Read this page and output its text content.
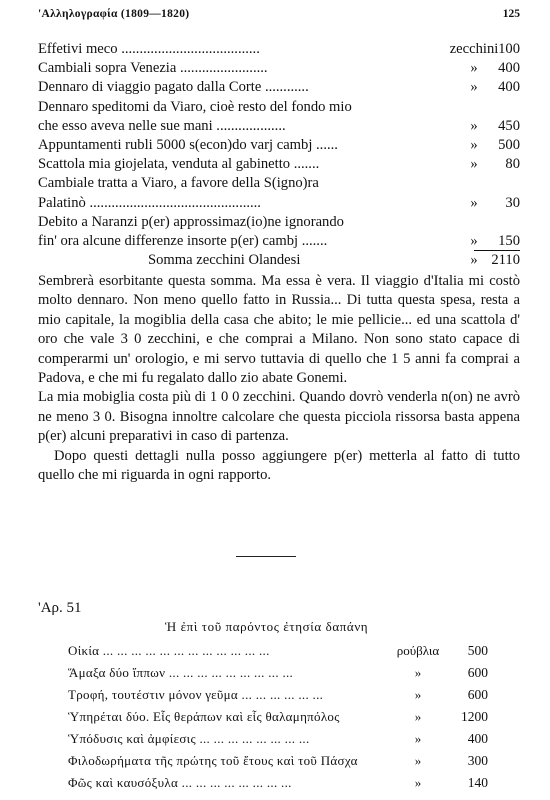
'Αλληλογραφία (1809—1820)	125
Effetivi meco ......................................	zecchini 100
Cambiali sopra Venezia ........................	»	400
Dennaro di viaggio pagato dalla Corte ............	»	400
Dennaro speditomi da Viaro, cioè resto del fondo mio
che esso aveva nelle sue mani ...................	»	450
Appuntamenti rubli 5000 s(econ)do varj cambj ......	»	500
Scattola mia giojelata, venduta al gabinetto .......	»	80
Cambiale tratta a Viaro, a favore della S(igno)ra
Palatinò ...............................................	»	30
Debito a Naranzi p(er) approssimaz(io)ne ignorando
fin' ora alcune differenze insorte p(er) cambj .......	»	150
Somma zecchini Olandesi	» 2110

Sembrerà esorbitante questa somma. Ma essa è vera. Il viaggio d'Italia mi costò molto dennaro. Non meno quello fatto in Russia... Di tutta questa spesa, resta a mio capitale, la mogiblia della casa che abito; le mie pellicie... ed una scattola d' oro che vale 3 0 zecchini, e che comprai a Milano. Non sono stato capace di comperarmi un' orologio, e mi servo tuttavia di quello che 1 5 anni fa comprai a Padova, e che mi fu regalato dallo zio abate Gonemi.

La mia mobiglia costa più di 1 0 0 zecchini. Quando dovrò venderla n(on) ne avrò ne meno 3 0. Bisogna innoltre calcolare che questa picciola rissorsa basta appena p(er) alcuni preparativi in caso di partenza.

Dopo questi dettagli nulla posso aggiungere p(er) metterla al fatto di tutto quello che mi riguarda in ogni rapporto.

'Αρ. 51
Ἡ ἐπὶ τοῦ παρόντος ἐτησία δαπάνη
Οἰκία ... ... ... ... ... ... ... ... ... ... ... ...	ρούβλια	500
Ἅμαξα δύο ἵππων ... ... ... ... ... ... ... ... ...	»	600
Τροφή, τουτέστιν μόνον γεῦμα ... ... ... ... ... ...	»	600
Ὑπηρέται δύο. Εἷς θεράπων καὶ εἷς θαλαμηπόλος	»	1200
Ὑπόδυσις καὶ ἀμφίεσις ... ... ... ... ... ... ... ...	»	400
Φιλοδωρήματα τῆς πρώτης τοῦ ἔτους καὶ τοῦ Πάσχα	»	300
Φῶς καὶ καυσόξυλα ... ... ... ... ... ... ... ...	»	140
